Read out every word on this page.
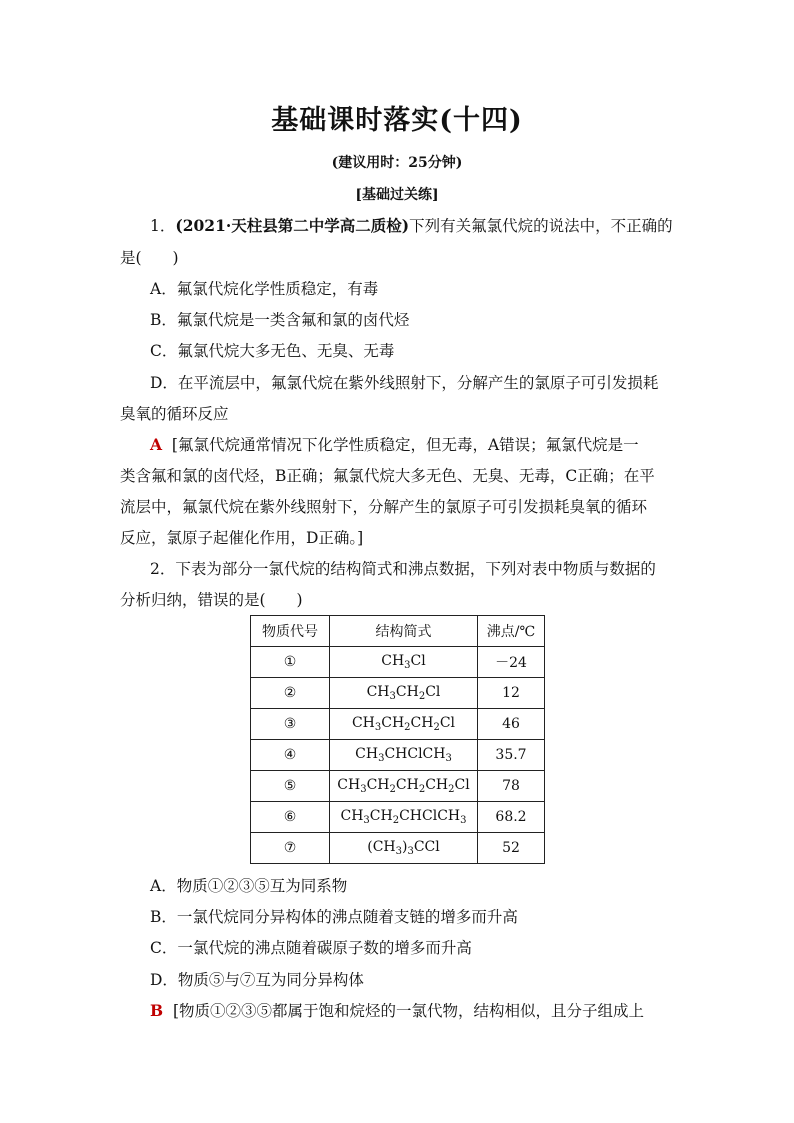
基础课时落实(十四)
(建议用时：25分钟)
[基础过关练]
1．(2021·天柱县第二中学高二质检)下列有关氟氯代烷的说法中，不正确的
是(　　)
A．氟氯代烷化学性质稳定，有毒
B．氟氯代烷是一类含氟和氯的卤代烃
C．氟氯代烷大多无色、无臭、无毒
D．在平流层中，氟氯代烷在紫外线照射下，分解产生的氯原子可引发损耗
臭氧的循环反应
A [氟氯代烷通常情况下化学性质稳定，但无毒，A错误；氟氯代烷是一
类含氟和氯的卤代烃，B正确；氟氯代烷大多无色、无臭、无毒，C正确；在平
流层中，氟氯代烷在紫外线照射下，分解产生的氯原子可引发损耗臭氧的循环
反应，氯原子起催化作用，D正确。]
2．下表为部分一氯代烷的结构简式和沸点数据，下列对表中物质与数据的
分析归纳，错误的是(　　)
物质代号	结构简式	沸点/℃
①	$CH_3Cl$	－24
②	$CH_3CH_2Cl$	12
③	$CH_3CH_2CH_2Cl$	46
④	$CH_3CHClCH_3$	35.7
⑤	$CH_3CH_2CH_2CH_2Cl$	78
⑥	$CH_3CH_2CHClCH_3$	68.2
⑦	$(CH_3)_3CCl$	52
A．物质①②③⑤互为同系物
B．一氯代烷同分异构体的沸点随着支链的增多而升高
C．一氯代烷的沸点随着碳原子数的增多而升高
D．物质⑤与⑦互为同分异构体
B [物质①②③⑤都属于饱和烷烃的一氯代物，结构相似，且分子组成上
